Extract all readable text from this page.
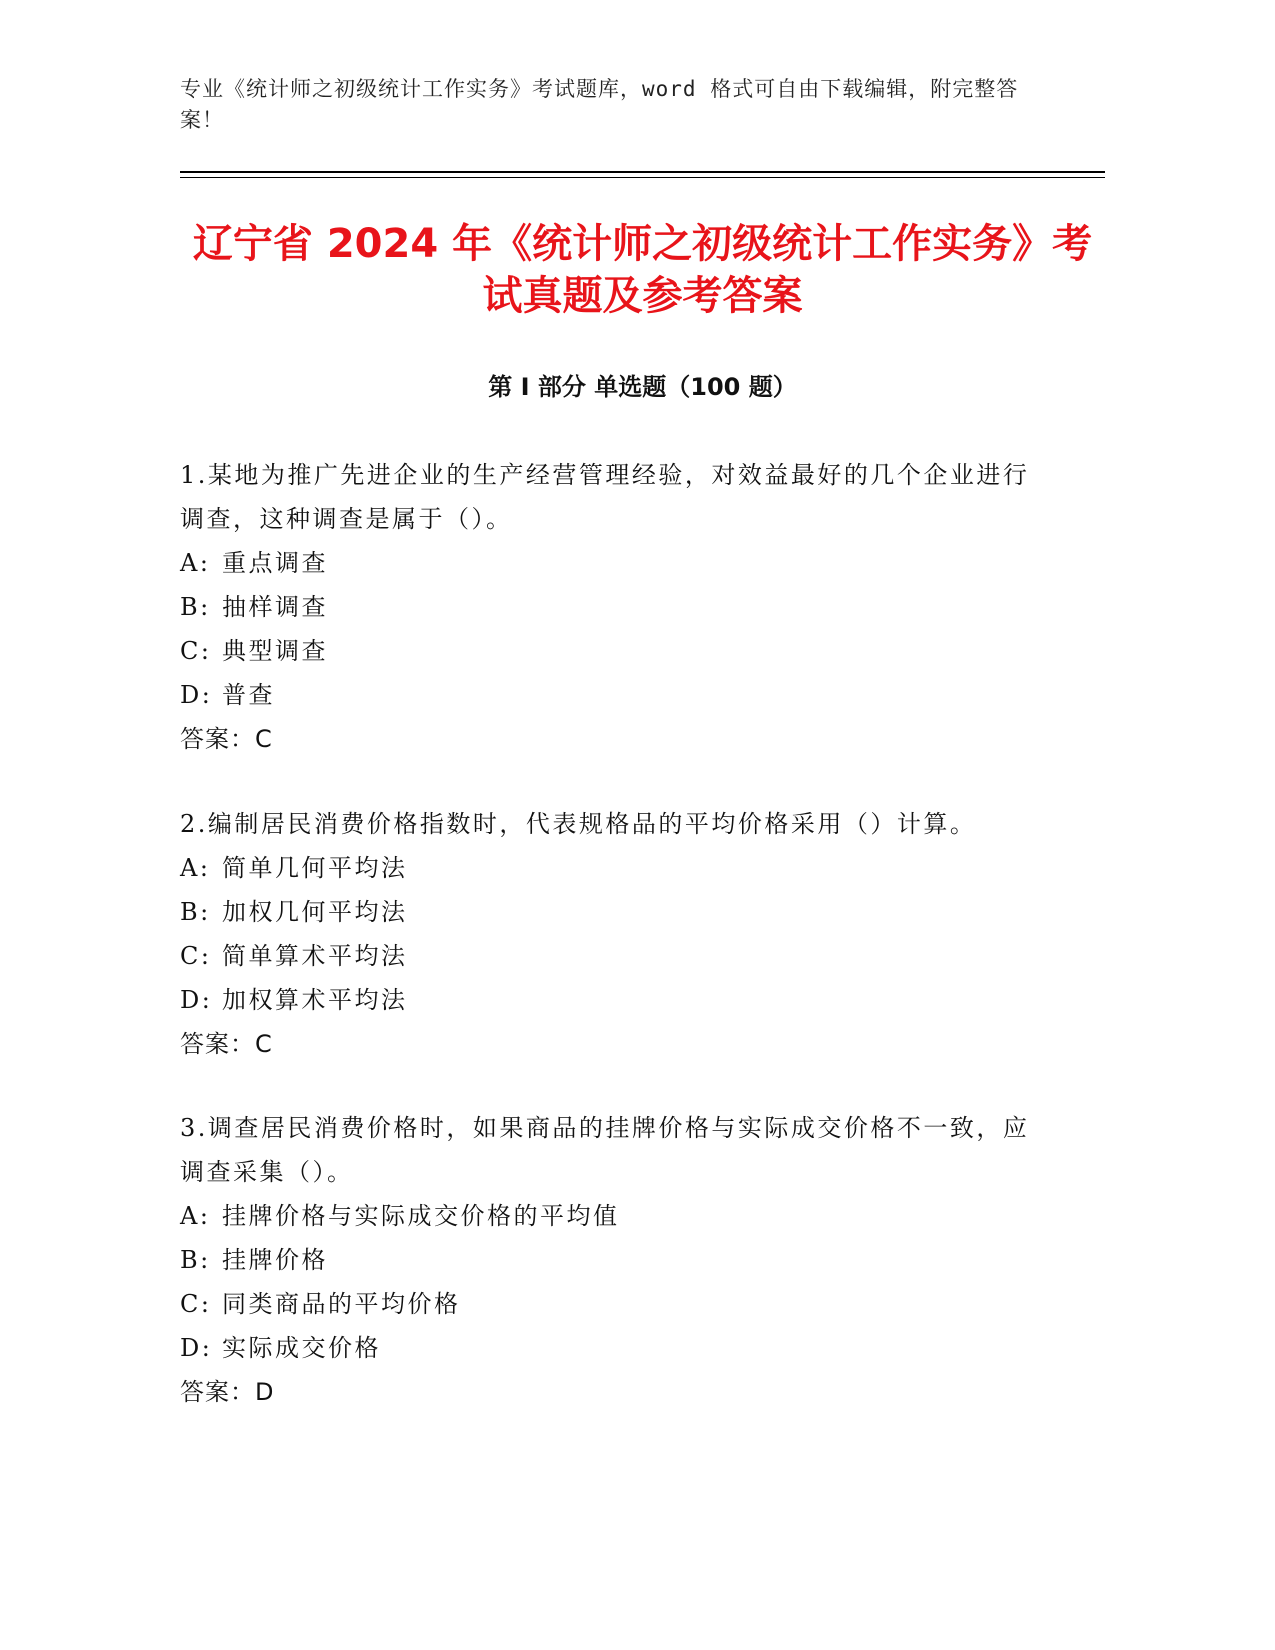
专业《统计师之初级统计工作实务》考试题库，word 格式可自由下载编辑，附完整答案！
辽宁省 2024 年《统计师之初级统计工作实务》考试真题及参考答案
第 I 部分 单选题（100 题）
1.某地为推广先进企业的生产经营管理经验，对效益最好的几个企业进行调查，这种调查是属于（）。
A: 重点调查
B: 抽样调查
C: 典型调查
D: 普查
答案：C
2.编制居民消费价格指数时，代表规格品的平均价格采用（）计算。
A: 简单几何平均法
B: 加权几何平均法
C: 简单算术平均法
D: 加权算术平均法
答案：C
3.调查居民消费价格时，如果商品的挂牌价格与实际成交价格不一致，应调查采集（）。
A: 挂牌价格与实际成交价格的平均值
B: 挂牌价格
C: 同类商品的平均价格
D: 实际成交价格
答案：D
